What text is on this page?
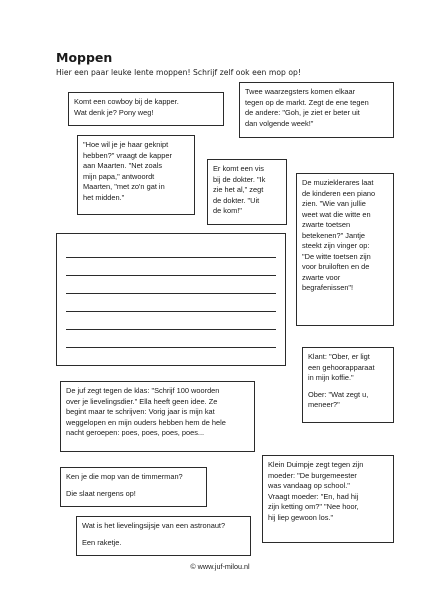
Moppen
Hier een paar leuke lente moppen! Schrijf zelf ook een mop op!

Komt een cowboy bij de kapper.
Wat denk je? Pony weg!

Twee waarzegsters komen elkaar
tegen op de markt. Zegt de ene tegen
de andere: "Goh, je ziet er beter uit
dan volgende week!"

"Hoe wil je je haar geknipt
hebben?" vraagt de kapper
aan Maarten. "Net zoals
mijn papa," antwoordt
Maarten, "met zo'n gat in
het midden."

Er komt een vis
bij de dokter. "Ik
zie het al," zegt
de dokter. "Uit
de kom!"

De muzieklerares laat
de kinderen een piano
zien. "Wie van jullie
weet wat die witte en
zwarte toetsen
betekenen?" Jantje
steekt zijn vinger op:
"De witte toetsen zijn
voor bruiloften en de
zwarte voor
begrafenissen"!

Klant: "Ober, er ligt
een gehoorapparaat
in mijn koffie."

Ober: "Wat zegt u,
meneer?"

De juf zegt tegen de klas: "Schrijf 100 woorden
over je lievelingsdier." Ella heeft geen idee. Ze
begint maar te schrijven: Vorig jaar is mijn kat
weggelopen en mijn ouders hebben hem de hele
nacht geroepen: poes, poes, poes, poes...

Ken je die mop van de timmerman?

Die slaat nergens op!

Klein Duimpje zegt tegen zijn
moeder: "De burgemeester
was vandaag op school."
Vraagt moeder: "En, had hij
zijn ketting om?" "Nee hoor,
hij liep gewoon los."

Wat is het lievelingsijsje van een astronaut?

Een raketje.

© www.juf-milou.nl
